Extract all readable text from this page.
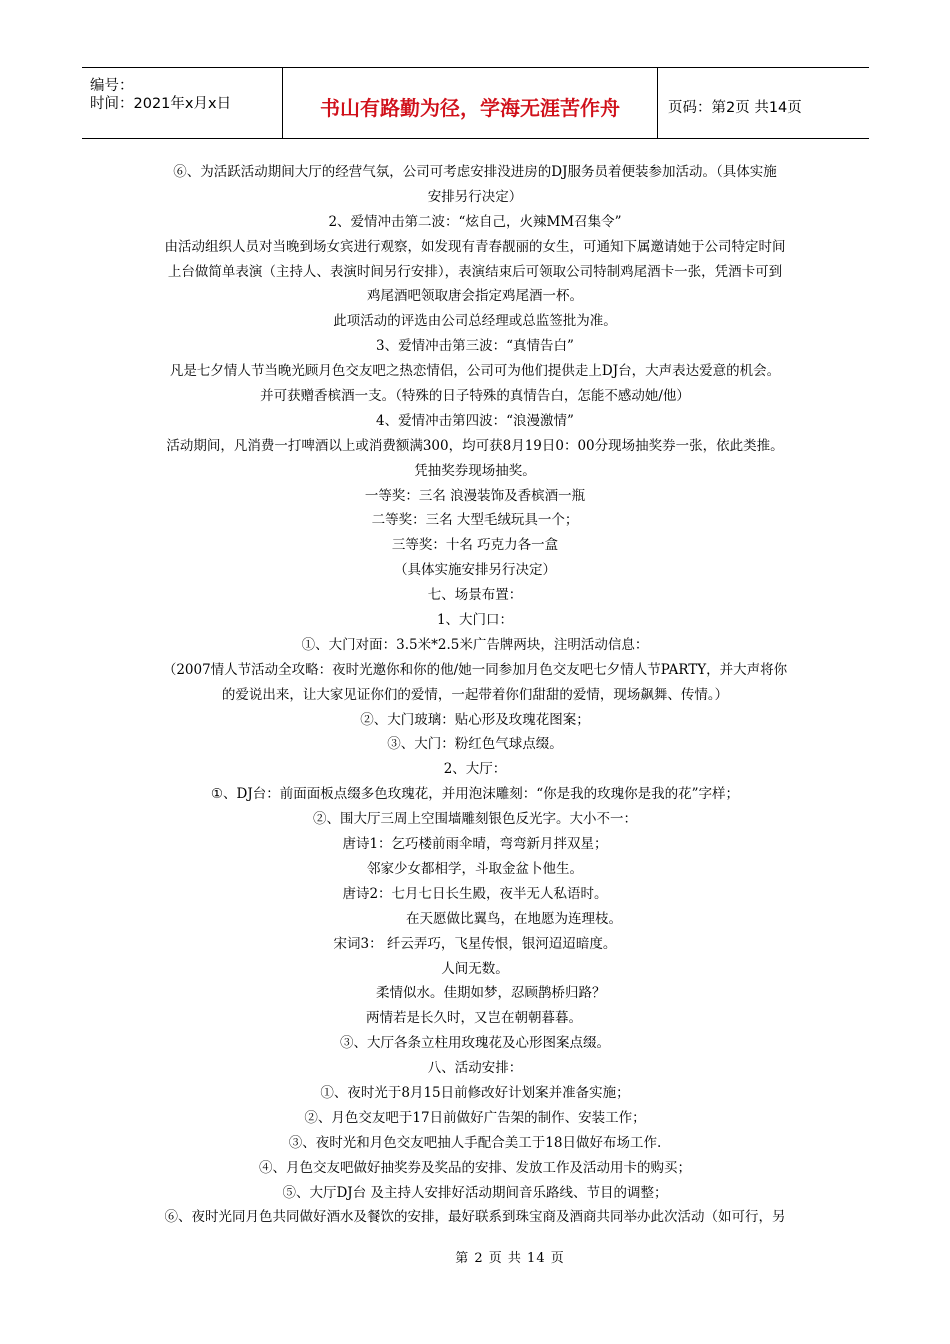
编号：
时间：2021年x月x日	书山有路勤为径，学海无涯苦作舟	页码：第2页 共14页

⑥、为活跃活动期间大厅的经营气氛，公司可考虑安排没进房的DJ服务员着便装参加活动。（具体实施

安排另行决定）

2、爱情冲击第二波：“炫自己，火辣MM召集令”

由活动组织人员对当晚到场女宾进行观察，如发现有青春靓丽的女生，可通知下属邀请她于公司特定时间

上台做简单表演（主持人、表演时间另行安排），表演结束后可领取公司特制鸡尾酒卡一张，凭酒卡可到

鸡尾酒吧领取唐会指定鸡尾酒一杯。

此项活动的评选由公司总经理或总监签批为准。

3、爱情冲击第三波：“真情告白”

凡是七夕情人节当晚光顾月色交友吧之热恋情侣，公司可为他们提供走上DJ台，大声表达爱意的机会。

并可获赠香槟酒一支。（特殊的日子特殊的真情告白，怎能不感动她/他）

4、爱情冲击第四波：“浪漫激情”

活动期间，凡消费一打啤酒以上或消费额满300，均可获8月19日0：00分现场抽奖券一张，依此类推。

凭抽奖券现场抽奖。

一等奖：三名 浪漫装饰及香槟酒一瓶

二等奖：三名 大型毛绒玩具一个；

三等奖：十名 巧克力各一盒

（具体实施安排另行决定）

七、场景布置：

1、大门口：

①、大门对面：3.5米*2.5米广告牌两块，注明活动信息：

（2007情人节活动全攻略：夜时光邀你和你的他/她一同参加月色交友吧七夕情人节PARTY，并大声将你

的爱说出来，让大家见证你们的爱情，一起带着你们甜甜的爱情，现场飙舞、传情。）

②、大门玻璃：贴心形及玫瑰花图案；

③、大门：粉红色气球点缀。

2、大厅：

①、DJ台：前面面板点缀多色玫瑰花，并用泡沫雕刻：“你是我的玫瑰你是我的花”字样；

②、围大厅三周上空围墙雕刻银色反光字。大小不一：

唐诗1：乞巧楼前雨伞晴，弯弯新月拌双星；

邻家少女都相学，斗取金盆卜他生。

唐诗2：七月七日长生殿，夜半无人私语时。

在天愿做比翼鸟，在地愿为连理枝。

宋词3： 纤云弄巧，飞星传恨，银河迢迢暗度。

人间无数。

柔情似水。佳期如梦，忍顾鹊桥归路？

两情若是长久时，又岂在朝朝暮暮。

③、大厅各条立柱用玫瑰花及心形图案点缀。

八、活动安排：

①、夜时光于8月15日前修改好计划案并准备实施；

②、月色交友吧于17日前做好广告架的制作、安装工作；

③、夜时光和月色交友吧抽人手配合美工于18日做好布场工作.

④、月色交友吧做好抽奖券及奖品的安排、发放工作及活动用卡的购买；

⑤、大厅DJ台 及主持人安排好活动期间音乐路线、节目的调整；

⑥、夜时光同月色共同做好酒水及餐饮的安排，最好联系到珠宝商及酒商共同举办此次活动（如可行，另

第 2 页 共 14 页
